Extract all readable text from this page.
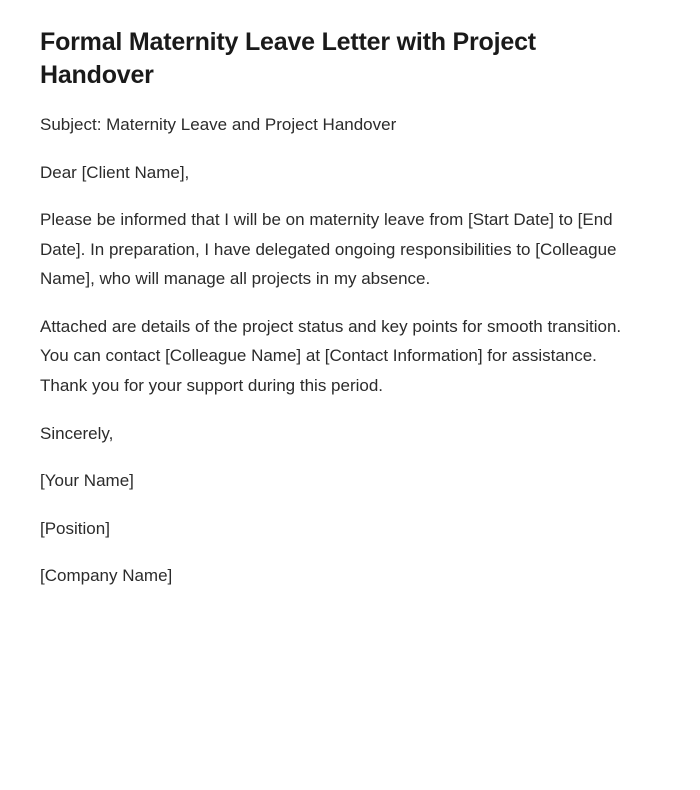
Formal Maternity Leave Letter with Project Handover

Subject: Maternity Leave and Project Handover

Dear [Client Name],

Please be informed that I will be on maternity leave from [Start Date] to [End Date]. In preparation, I have delegated ongoing responsibilities to [Colleague Name], who will manage all projects in my absence.

Attached are details of the project status and key points for smooth transition. You can contact [Colleague Name] at [Contact Information] for assistance. Thank you for your support during this period.

Sincerely,

[Your Name]

[Position]

[Company Name]
